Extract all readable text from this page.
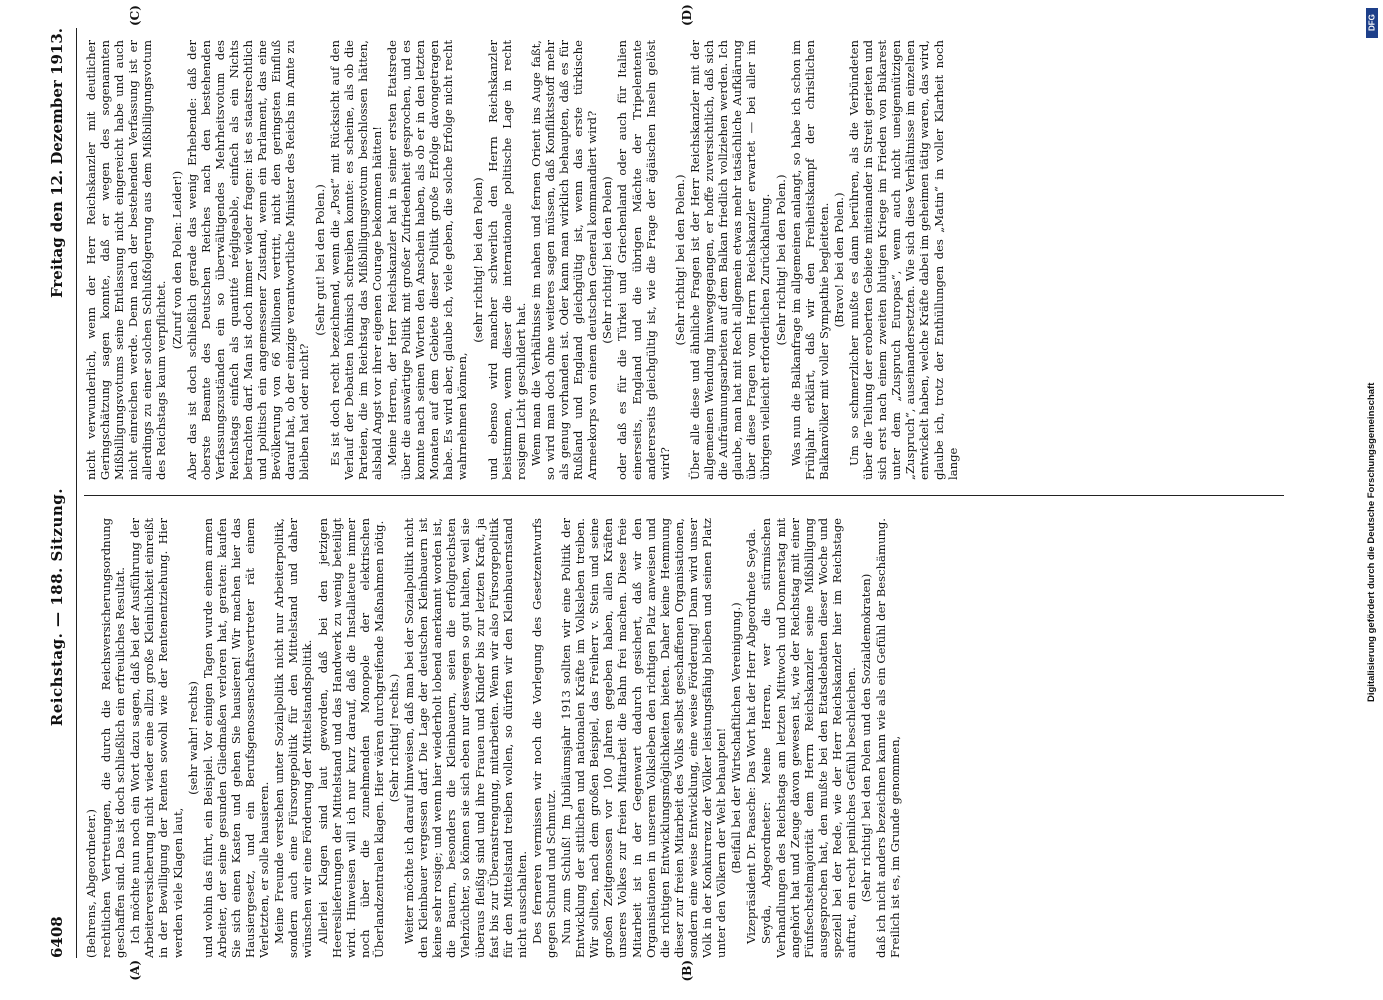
6408
Reichstag. — 188. Sitzung.
Freitag den 12. Dezember 1913.

(Behrens, Abgeordneter.) rechtlichen Vertretungen, die durch die Reichsversicherungsordnung geschaffen sind. Das ist doch schließlich ein erfreuliches Resultat. Ich möchte nun noch ein Wort dazu sagen, daß bei der Ausführung der Arbeiterversicherung nicht wieder eine allzu große Kleinlichkeit einreißt in der Bewilligung der Renten sowohl wie der Rentenentziehung. Hier werden viele Klagen laut,

(sehr wahr! rechts) und wohin das führt, ein Beispiel. Vor einigen Tagen wurde einem armen Arbeiter, der seine gesunden Gliedmaßen verloren hat, geraten: kaufen Sie sich einen Kasten und gehen Sie hausieren! Wir machen hier das Hausiergesetz, und ein Berufsgenossenschaftsvertreter rät einem Verletzten, er solle hausieren. Meine Freunde verstehen unter Sozialpolitik nicht nur Arbeiterpolitik, sondern auch eine Fürsorgepolitik für den Mittelstand und daher wünschen wir eine Förderung der Mittelstandspolitik. Allerlei Klagen sind laut geworden, daß bei den jetzigen Heereslieferungen der Mittelstand und das Handwerk zu wenig beteiligt wird. Hinweisen will ich nur kurz darauf, daß die Installateure immer noch über die zunehmenden Monopole der elektrischen Überlandzentralen klagen. Hier wären durchgreifende Maßnahmen nötig. (Sehr richtig! rechts.) Weiter möchte ich darauf hinweisen, daß man bei der Sozialpolitik nicht den Kleinbauer vergessen darf. Die Lage der deutschen Kleinbauern ist keine sehr rosige; und wenn hier wiederholt lobend anerkannt worden ist, die Bauern, besonders die Kleinbauern, seien die erfolgreichsten Viehzüchter, so können sie sich eben nur deswegen so gut halten, weil sie überaus fleißig sind und ihre Frauen und Kinder bis zur letzten Kraft, ja fast bis zur Überanstrengung, mitarbeiten. Wenn wir also Fürsorgepolitik für den Mittelstand treiben wollen, so dürfen wir den Kleinbauernstand nicht ausschalten. Des ferneren vermissen wir noch die Vorlegung des Gesetzentwurfs gegen Schund und Schmutz. Nun zum Schluß! Im Jubiläumsjahr 1913 sollten wir eine Politik der Entwicklung der sittlichen und nationalen Kräfte im Volksleben treiben. Wir sollten, nach dem großen Beispiel, das Freiherr v. Stein und seine großen Zeitgenossen vor 100 Jahren gegeben haben, allen Kräften unseres Volkes zur freien Mitarbeit die Bahn frei machen. Diese freie Mitarbeit ist in der Gegenwart dadurch gesichert, daß wir den Organisationen in unserem Volksleben den richtigen Platz anweisen und die richtigen Entwicklungsmöglichkeiten bieten. Daher keine Hemmung dieser zur freien Mitarbeit des Volks selbst geschaffenen Organisationen, sondern eine weise Entwicklung, eine weise Förderung! Dann wird unser Volk in der Konkurrenz der Völker leistungsfähig bleiben und seinen Platz unter den Völkern der Welt behaupten! (Beifall bei der Wirtschaftlichen Vereinigung.) Vizepräsident Dr. Paasche: Das Wort hat der Herr Abgeordnete Seyda. Seyda, Abgeordneter: Meine Herren, wer die stürmischen Verhandlungen des Reichstags am letzten Mittwoch und Donnerstag mit angehört hat und Zeuge davon gewesen ist, wie der Reichstag mit einer Fünfsechstelmajorität dem Herrn Reichskanzler seine Mißbilligung ausgesprochen hat, den mußte bei den Etatsdebatten dieser Woche und speziell bei der Rede, wie der Herr Reichskanzler hier im Reichstage auftrat, ein recht peinliches Gefühl beschleichen. (Sehr richtig! bei den Polen und den Sozialdemokraten) daß ich nicht anders bezeichnen kann wie als ein Gefühl der Beschämung. Freilich ist es, im Grunde genommen,

nicht verwunderlich, wenn der Herr Reichskanzler mit deutlicher Geringschätzung sagen konnte, daß er wegen des sogenannten Mißbilligungsvotums seine Entlassung nicht eingereicht habe und auch nicht einreichen werde. Denn nach der bestehenden Verfassung ist er allerdings zu einer solchen Schlußfolgerung aus dem Mißbilligungsvotum des Reichstags kaum verpflichtet.

(Zuruf von den Polen: Leider!) Aber das ist doch schließlich gerade das wenig Erhebende: daß der oberste Beamte des Deutschen Reiches nach den bestehenden Verfassungszuständen ein so überwältigendes Mehrheitsvotum des Reichstags einfach als quantité négligeable, einfach als ein Nichts betrachten darf. Man ist doch immer wieder fragen: ist es staatsrechtlich und politisch ein angemessener Zustand, wenn ein Parlament, das eine Bevölkerung von 66 Millionen vertritt, nicht den geringsten Einfluß darauf hat, ob der einzige verantwortliche Minister des Reichs im Amte zu bleiben hat oder nicht?

(Sehr gut! bei den Polen.) Es ist doch recht bezeichnend, wenn die „Post“ mit Rücksicht auf den Verlauf der Debatten höhnisch schreiben konnte: es scheine, als ob die Parteien, die im Reichstag das Mißbilligungsvotum beschlossen hätten, alsbald Angst vor ihrer eigenen Courage bekommen hätten! Meine Herren, der Herr Reichskanzler hat in seiner ersten Etatsrede über die auswärtige Politik mit großer Zufriedenheit gesprochen, und es konnte nach seinen Worten den Anschein haben, als ob er in den letzten Monaten auf dem Gebiete dieser Politik große Erfolge davongetragen habe. Es wird aber, glaube ich, viele geben, die solche Erfolge nicht recht wahrnehmen können,

(sehr richtig! bei den Polen) und ebenso wird mancher schwerlich den Herrn Reichskanzler beistimmen, wenn dieser die internationale politische Lage in recht rosigem Licht geschildert hat. Wenn man die Verhältnisse im nahen und fernen Orient ins Auge faßt, so wird man doch ohne weiteres sagen müssen, daß Konfliktsstoff mehr als genug vorhanden ist. Oder kann man wirklich behaupten, daß es für Rußland und England gleichgültig ist, wenn das erste türkische Armeekorps von einem deutschen General kommandiert wird? (Sehr richtig! bei den Polen) oder daß es für die Türkei und Griechenland oder auch für Italien einerseits, England und die übrigen Mächte der Tripelentente andererseits gleichgültig ist, wie die Frage der ägäischen Inseln gelöst wird?

(Sehr richtig! bei den Polen.) Über alle diese und ähnliche Fragen ist der Herr Reichskanzler mit der allgemeinen Wendung hinweggegangen, er hoffe zuversichtlich, daß sich die Aufräumungsarbeiten auf dem Balkan friedlich vollziehen werden. Ich glaube, man hat mit Recht allgemein etwas mehr tatsächliche Aufklärung über diese Fragen vom Herrn Reichskanzler erwartet — bei aller im übrigen vielleicht erforderlichen Zurückhaltung. (Sehr richtig! bei den Polen.) Was nun die Balkanfrage im allgemeinen anlangt, so habe ich schon im Frühjahr erklärt, daß wir den Freiheitskampf der christlichen Balkanvölker mit voller Sympathie begleiteten. (Bravo! bei den Polen.) Um so schmerzlicher mußte es dann berühren, als die Verbündeten über die Teilung der eroberten Gebiete miteinander in Streit gerieten und sich erst nach einem zweiten blutigen Kriege im Frieden von Bukarest unter dem „Zuspruch Europas“, wenn auch nicht uneigennützigen „Zuspruch“, auseinandersetzten. Wie sich diese Verhältnisse im einzelnen entwickelt haben, welche Kräfte dabei im geheimen tätig waren, das wird, glaube ich, trotz der Enthüllungen des „Matin“ in voller Klarheit noch lange

(A)	(B)
(C)	(D)
Digitalisierung gefördert durch die Deutsche Forschungsgemeinschaft
DFG
